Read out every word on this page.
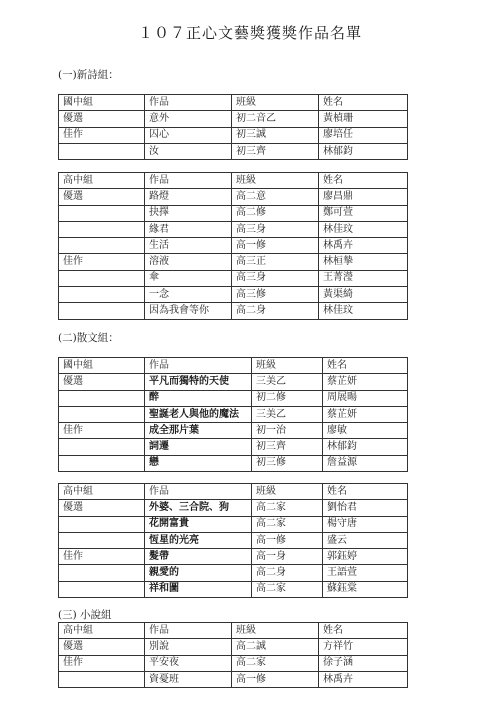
１０７正心文藝獎獲獎作品名單
(一)新詩組：
國中組	作品	班級	姓名
優選	意外	初二音乙	黃楨珊
佳作	囚心	初三誠	廖培任
	汝	初三齊	林郁鈞
高中組	作品	班級	姓名
優選	路燈	高二意	廖昌鼎
	抉擇	高二修	鄭可萱
	緣君	高三身	林佳玟
	生活	高一修	林禹卉
佳作	溶液	高三正	林桓摯
	傘	高三身	王菁瀅
	一念	高三修	黃渠綺
	因為我會等你	高二身	林佳玟
(二)散文組：
國中組	作品	班級	姓名
優選	平凡而獨特的天使	三美乙	蔡芷妍
	醉	初二修	周展暘
	聖誕老人與他的魔法	三美乙	蔡芷妍
佳作	成全那片葉	初一治	廖敏
	詞遷	初三齊	林郁鈞
	戀	初三修	詹益源
高中組	作品	班級	姓名
優選	外婆、三合院、狗	高二家	劉怡君
	花開富貴	高二家	楊守唐
	恆星的光亮	高一修	盛云
佳作	髮帶	高一身	郭鈺婷
	親愛的	高二身	王語萱
	祥和圖	高二家	蘇鈺棠
(三) 小說組
高中組	作品	班級	姓名
優選	別說	高二誠	方祥竹
佳作	平安夜	高二家	徐子涵
	資憂班	高一修	林禹卉
